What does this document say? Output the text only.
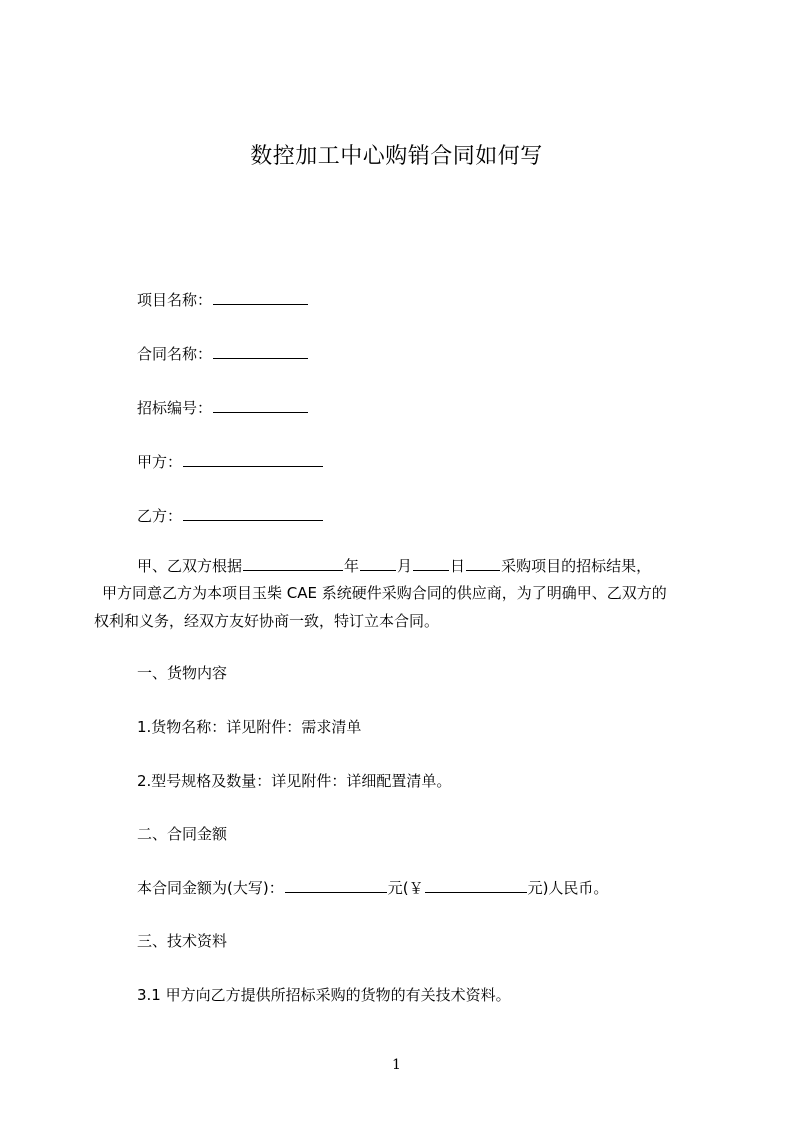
数控加工中心购销合同如何写
项目名称：
合同名称：
招标编号：
甲方：
乙方：
甲、乙双方根据	年	月	日 采购项目的招标结果，
甲方同意乙方为本项目玉柴 CAE 系统硬件采购合同的供应商，为了明确甲、乙双方的
权利和义务，经双方友好协商一致，特订立本合同。
一、货物内容
1.货物名称：详见附件：需求清单
2.型号规格及数量：详见附件：详细配置清单。
二、合同金额
本合同金额为(大写)：	元(￥	元)人民币。
三、技术资料
3.1 甲方向乙方提供所招标采购的货物的有关技术资料。
1
